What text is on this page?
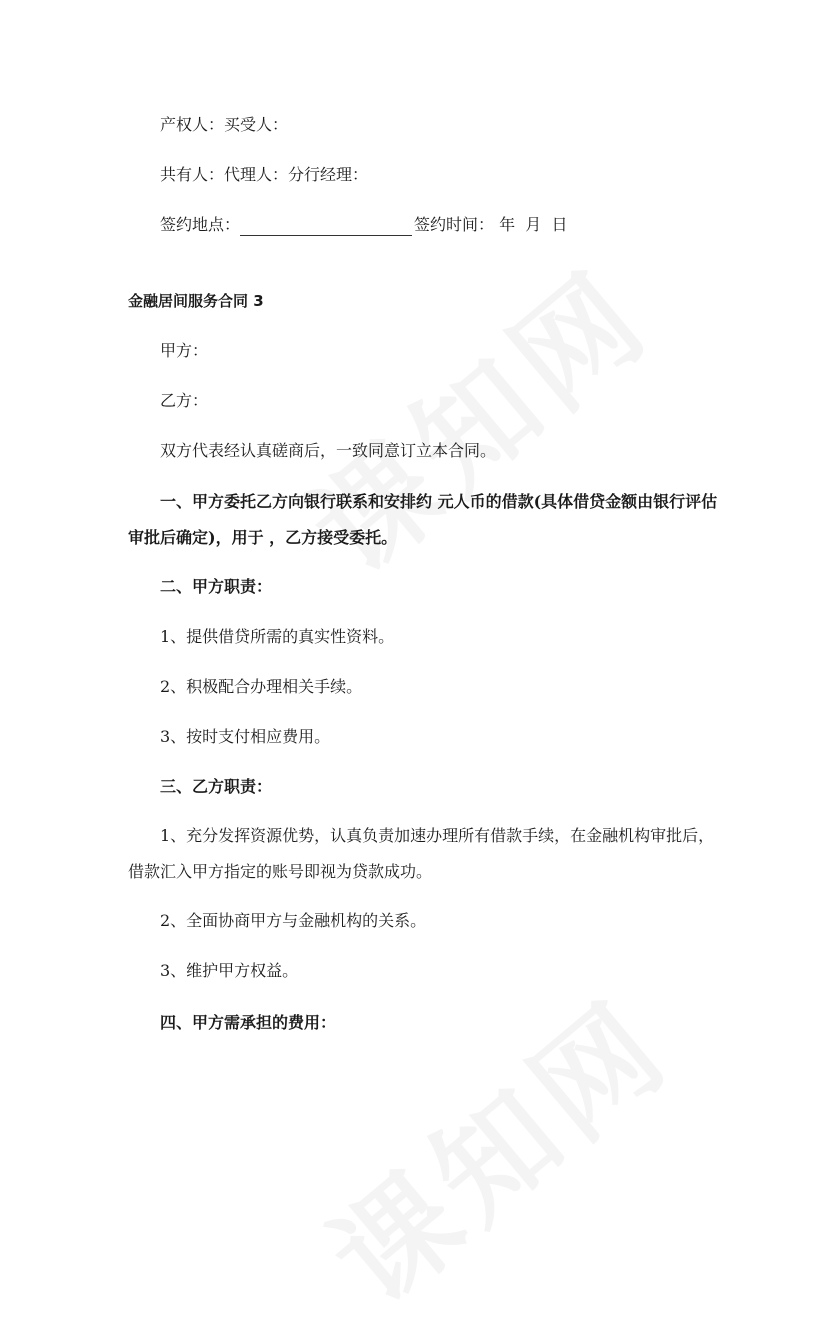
产权人：买受人：
共有人：代理人：分行经理：
签约地点：	签约时间： 年  月  日
金融居间服务合同 3
甲方：
乙方：
双方代表经认真磋商后，一致同意订立本合同。
一、甲方委托乙方向银行联系和安排约 元人币的借款(具体借贷金额由银行评估审批后确定)，用于 ，乙方接受委托。
二、甲方职责：
1、提供借贷所需的真实性资料。
2、积极配合办理相关手续。
3、按时支付相应费用。
三、乙方职责：
1、充分发挥资源优势，认真负责加速办理所有借款手续，在金融机构审批后，借款汇入甲方指定的账号即视为贷款成功。
2、全面协商甲方与金融机构的关系。
3、维护甲方权益。
四、甲方需承担的费用：
